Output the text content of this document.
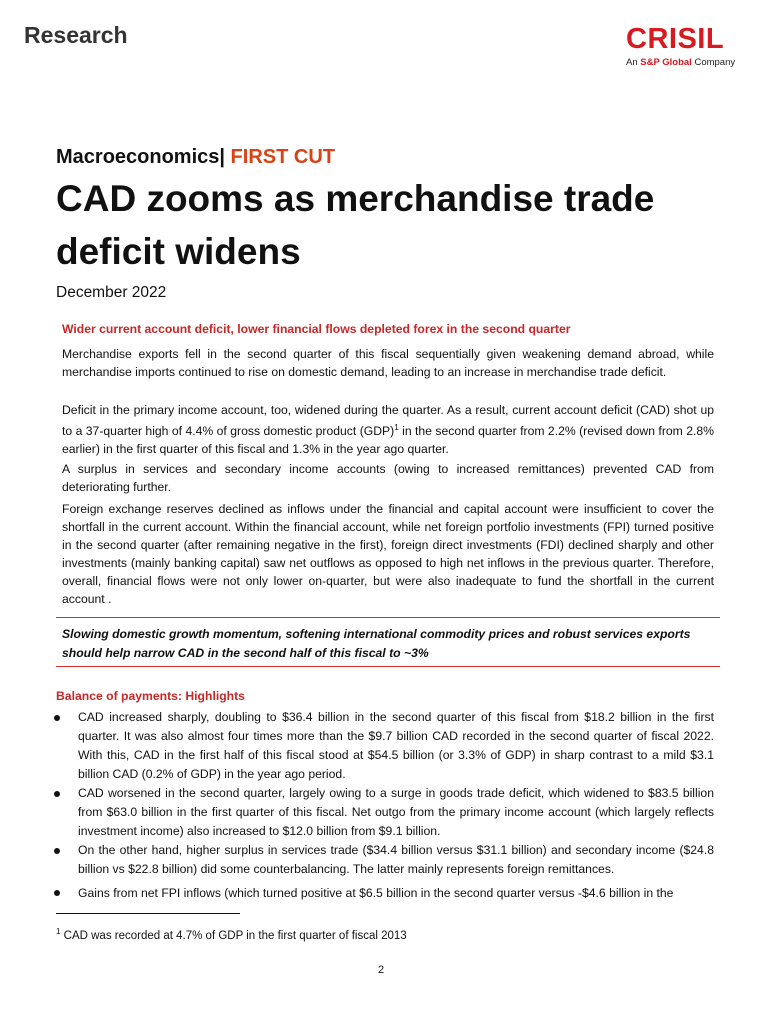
Research	CRISIL
An S&P Global Company
Macroeconomics| FIRST CUT
CAD zooms as merchandise trade deficit widens
December 2022
Wider current account deficit, lower financial flows depleted forex in the second quarter
Merchandise exports fell in the second quarter of this fiscal sequentially given weakening demand abroad, while merchandise imports continued to rise on domestic demand, leading to an increase in merchandise trade deficit.
Deficit in the primary income account, too, widened during the quarter. As a result, current account deficit (CAD) shot up to a 37-quarter high of 4.4% of gross domestic product (GDP)$^1$ in the second quarter from 2.2% (revised down from 2.8% earlier) in the first quarter of this fiscal and 1.3% in the year ago quarter.
A surplus in services and secondary income accounts (owing to increased remittances) prevented CAD from deteriorating further.
Foreign exchange reserves declined as inflows under the financial and capital account were insufficient to cover the shortfall in the current account. Within the financial account, while net foreign portfolio investments (FPI) turned positive in the second quarter (after remaining negative in the first), foreign direct investments (FDI) declined sharply and other investments (mainly banking capital) saw net outflows as opposed to high net inflows in the previous quarter. Therefore, overall, financial flows were not only lower on-quarter, but were also inadequate to fund the shortfall in the current account .
Slowing domestic growth momentum, softening international commodity prices and robust services exports should help narrow CAD in the second half of this fiscal to ~3%
Balance of payments: Highlights
CAD increased sharply, doubling to $36.4 billion in the second quarter of this fiscal from $18.2 billion in the first quarter. It was also almost four times more than the $9.7 billion CAD recorded in the second quarter of fiscal 2022. With this, CAD in the first half of this fiscal stood at $54.5 billion (or 3.3% of GDP) in sharp contrast to a mild $3.1 billion CAD (0.2% of GDP) in the year ago period.
CAD worsened in the second quarter, largely owing to a surge in goods trade deficit, which widened to $83.5 billion from $63.0 billion in the first quarter of this fiscal. Net outgo from the primary income account (which largely reflects investment income) also increased to $12.0 billion from $9.1 billion.
On the other hand, higher surplus in services trade ($34.4 billion versus $31.1 billion) and secondary income ($24.8 billion vs $22.8 billion) did some counterbalancing. The latter mainly represents foreign remittances.
Gains from net FPI inflows (which turned positive at $6.5 billion in the second quarter versus -$4.6 billion in the
$^1$ CAD was recorded at 4.7% of GDP in the first quarter of fiscal 2013
2
